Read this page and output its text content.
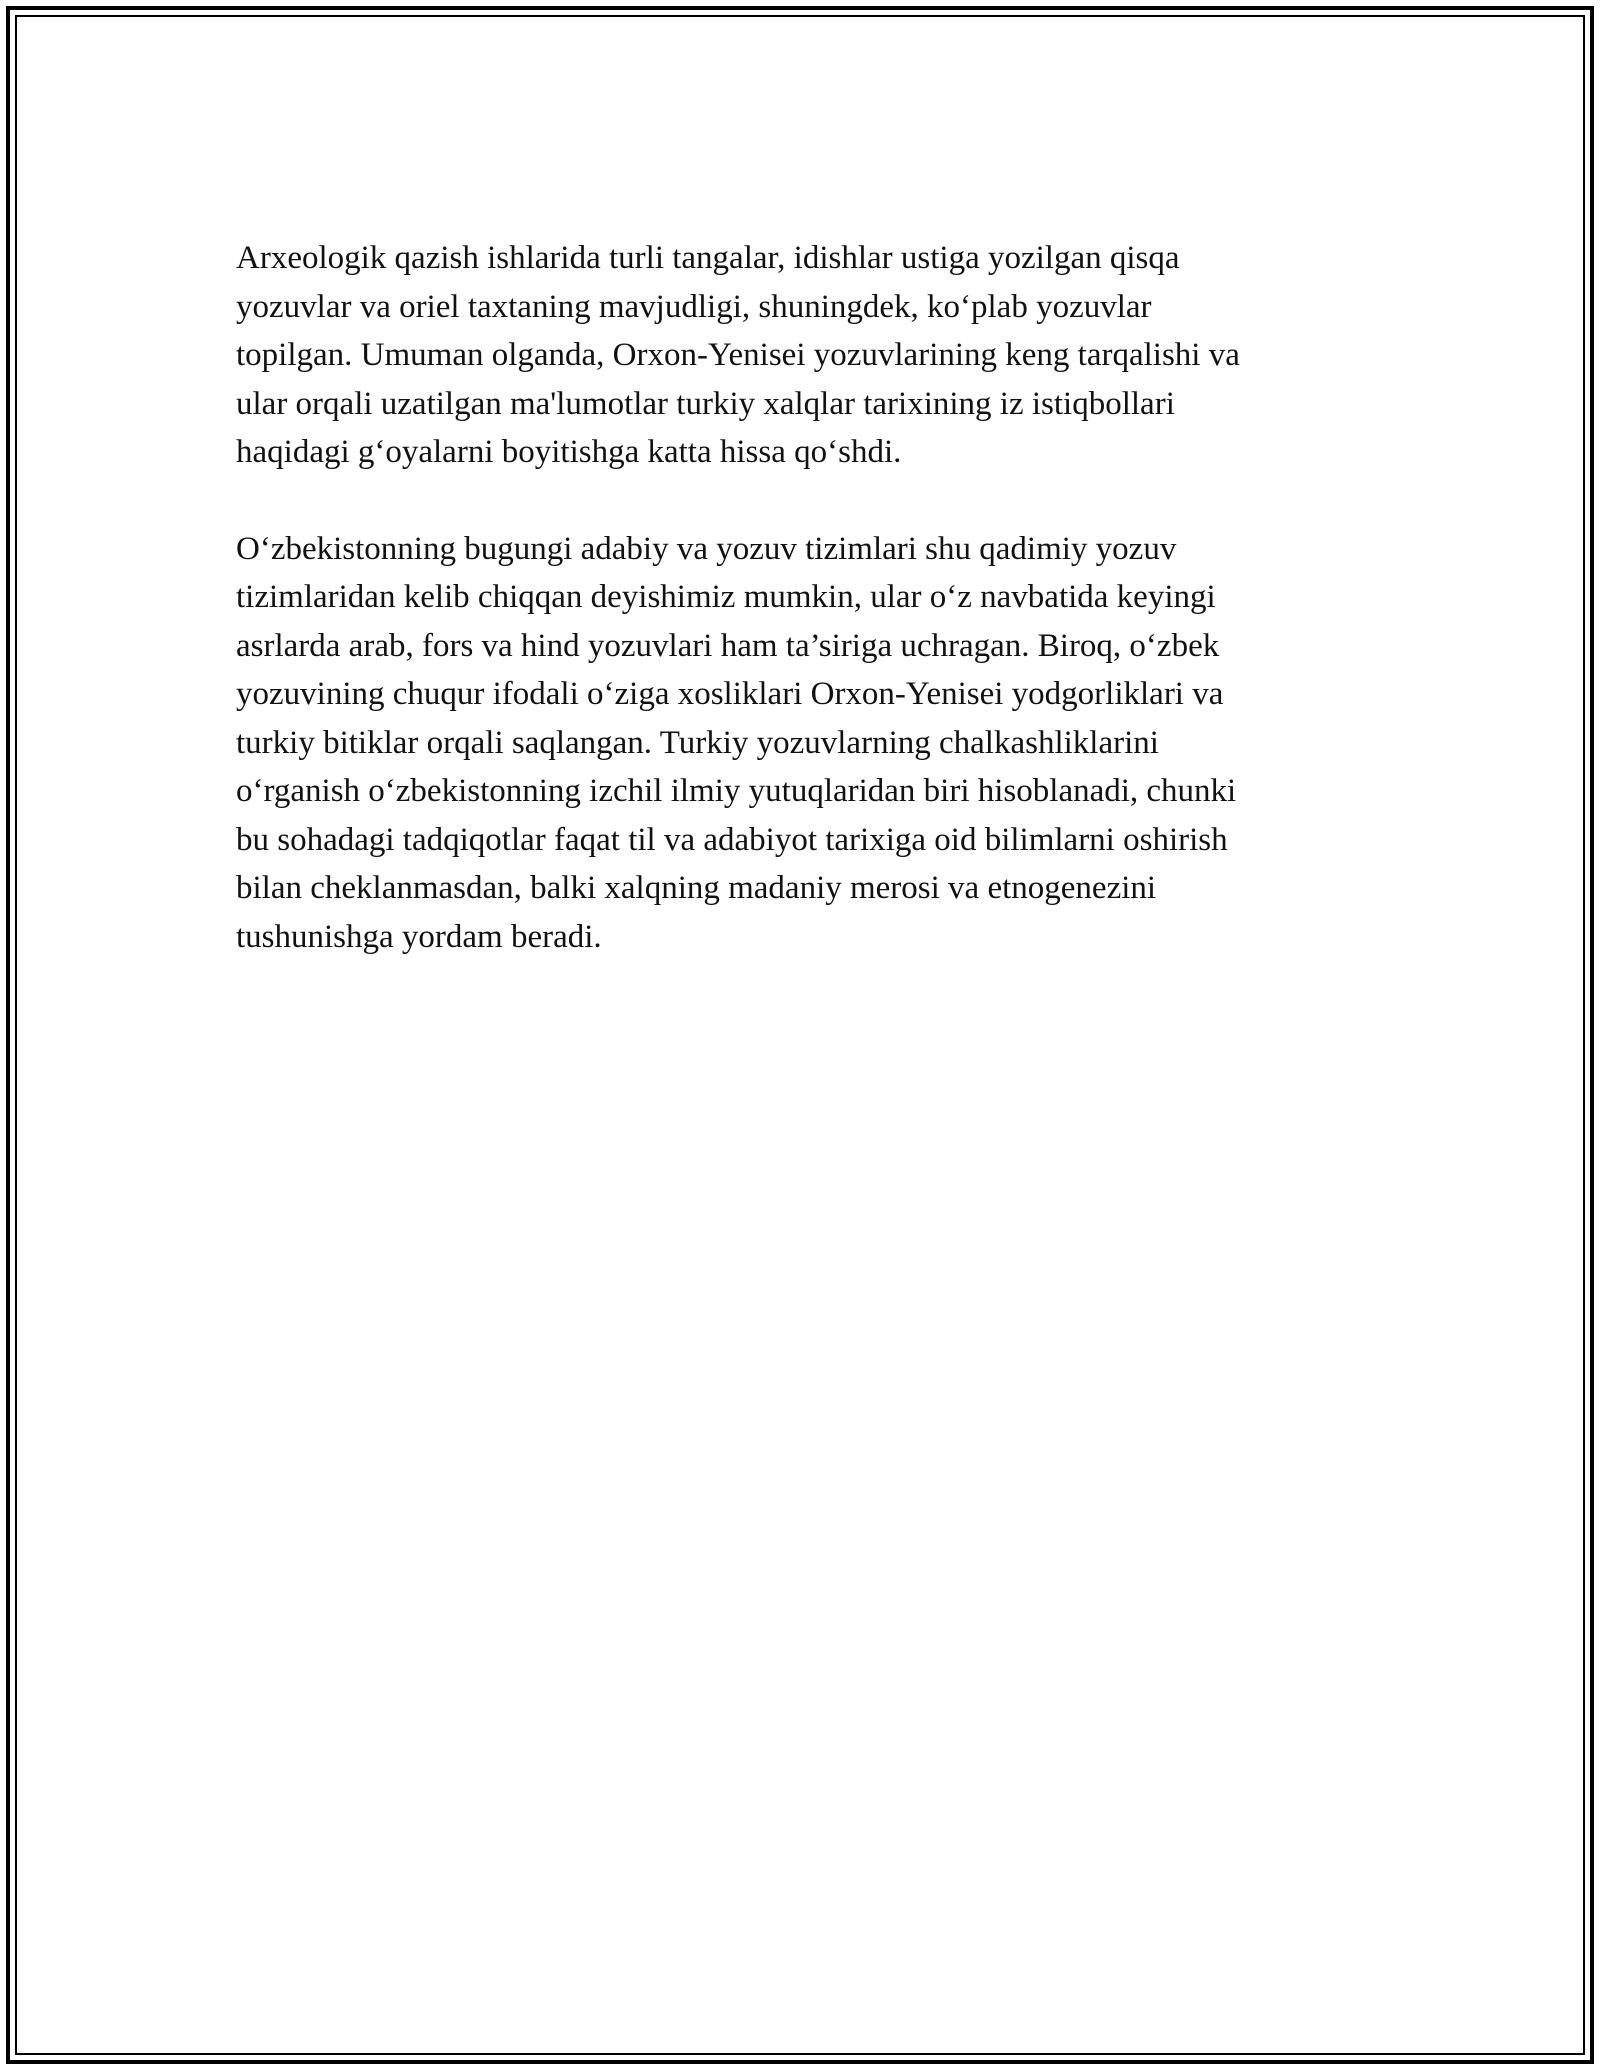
Arxeologik qazish ishlarida turli tangalar, idishlar ustiga yozilgan qisqa
yozuvlar va oriel taxtaning mavjudligi, shuningdek, ko‘plab yozuvlar
topilgan. Umuman olganda, Orxon-Yenisei yozuvlarining keng tarqalishi va
ular orqali uzatilgan ma'lumotlar turkiy xalqlar tarixining iz istiqbollari
haqidagi g‘oyalarni boyitishga katta hissa qo‘shdi.

O‘zbekistonning bugungi adabiy va yozuv tizimlari shu qadimiy yozuv
tizimlaridan kelib chiqqan deyishimiz mumkin, ular o‘z navbatida keyingi
asrlarda arab, fors va hind yozuvlari ham ta’siriga uchragan. Biroq, o‘zbek
yozuvining chuqur ifodali o‘ziga xosliklari Orxon-Yenisei yodgorliklari va
turkiy bitiklar orqali saqlangan. Turkiy yozuvlarning chalkashliklarini
o‘rganish o‘zbekistonning izchil ilmiy yutuqlaridan biri hisoblanadi, chunki
bu sohadagi tadqiqotlar faqat til va adabiyot tarixiga oid bilimlarni oshirish
bilan cheklanmasdan, balki xalqning madaniy merosi va etnogenezini
tushunishga yordam beradi.
